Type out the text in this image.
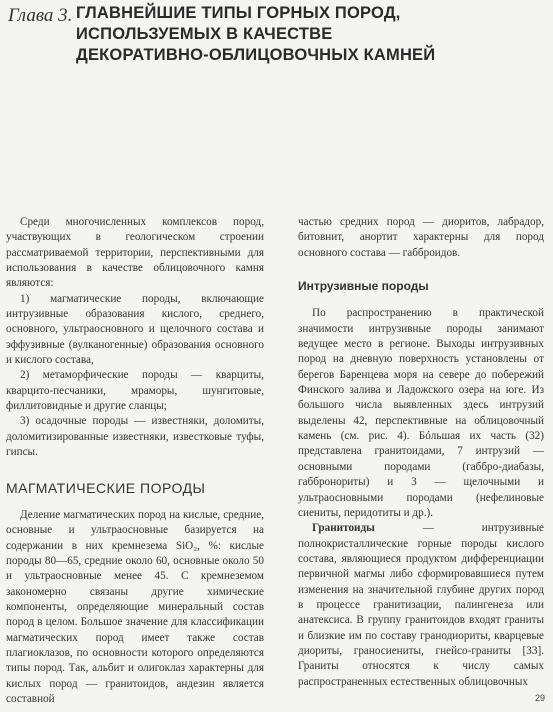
Глава 3. ГЛАВНЕЙШИЕ ТИПЫ ГОРНЫХ ПОРОД,
ИСПОЛЬЗУЕМЫХ В КАЧЕСТВЕ
ДЕКОРАТИВНО-ОБЛИЦОВОЧНЫХ КАМНЕЙ

Среди многочисленных комплексов пород, участвующих в геологическом строении рассматриваемой территории, перспективными для использования в качестве облицовочного камня являются:

1) магматические породы, включающие интрузивные образования кислого, среднего, основного, ультраосновного и щелочного состава и эффузивные (вулканогенные) образования основного и кислого состава,

2) метаморфические породы — кварциты, кварцито-песчаники, мраморы, шунгитовые, филлитовидные и другие сланцы;

3) осадочные породы — известняки, доломиты, доломитизированные известняки, известковые туфы, гипсы.

МАГМАТИЧЕСКИЕ ПОРОДЫ

Деление магматических пород на кислые, средние, основные и ультраосновные базируется на содержании в них кремнезема SiO₂, %: кислые породы 80—65, средние около 60, основные около 50 и ультраосновные менее 45. С кремнеземом закономерно связаны другие химические компоненты, определяющие минеральный состав пород в целом. Большое значение для классификации магматических пород имеет также состав плагиоклазов, по основности которого определяются типы пород. Так, альбит и олигоклаз характерны для кислых пород — гранитоидов, андезин является составной

частью средних пород — диоритов, лабрадор, битовнит, анортит характерны для пород основного состава — габброидов.

Интрузивные породы

По распространению в практической значимости интрузивные породы занимают ведущее место в регионе. Выходы интрузивных пород на дневную поверхность установлены от берегов Баренцева моря на севере до побережий Финского залива и Ладожского озера на юге. Из большого числа выявленных здесь интрузий выделены 42, перспективные на облицовочный камень (см. рис. 4). Бóльшая их часть (32) представлена гранитоидами, 7 интрузий — основными породами (габбро-диабазы, габбронориты) и 3 — щелочными и ультраосновными породами (нефелиновые сиениты, перидотиты и др.).

Гранитоиды — интрузивные полнокристаллические горные породы кислого состава, являющиеся продуктом дифференциации первичной магмы либо сформировавшиеся путем изменения на значительной глубине других пород в процессе гранитизации, палингенеза или анатексиса. В группу гранитоидов входят граниты и близкие им по составу гранодиориты, кварцевые диориты, граносиениты, гнейсо-граниты [33]. Граниты относятся к числу самых распространенных естественных облицовочных

29
